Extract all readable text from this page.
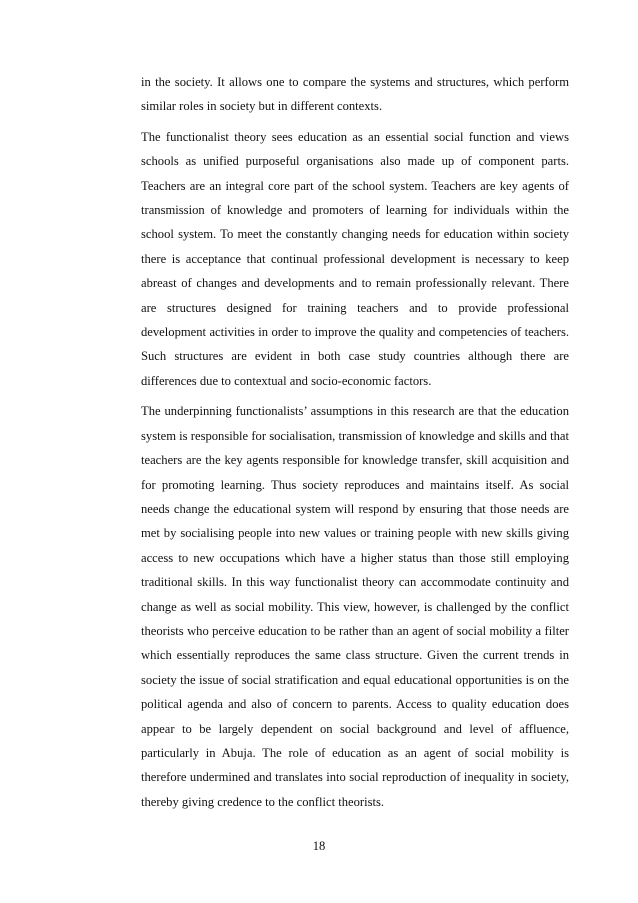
in the society. It allows one to compare the systems and structures, which perform similar roles in society but in different contexts.

The functionalist theory sees education as an essential social function and views schools as unified purposeful organisations also made up of component parts. Teachers are an integral core part of the school system. Teachers are key agents of transmission of knowledge and promoters of learning for individuals within the school system. To meet the constantly changing needs for education within society there is acceptance that continual professional development is necessary to keep abreast of changes and developments and to remain professionally relevant. There are structures designed for training teachers and to provide professional development activities in order to improve the quality and competencies of teachers. Such structures are evident in both case study countries although there are differences due to contextual and socio-economic factors.

The underpinning functionalists’ assumptions in this research are that the education system is responsible for socialisation, transmission of knowledge and skills and that teachers are the key agents responsible for knowledge transfer, skill acquisition and for promoting learning. Thus society reproduces and maintains itself. As social needs change the educational system will respond by ensuring that those needs are met by socialising people into new values or training people with new skills giving access to new occupations which have a higher status than those still employing traditional skills. In this way functionalist theory can accommodate continuity and change as well as social mobility. This view, however, is challenged by the conflict theorists who perceive education to be rather than an agent of social mobility a filter which essentially reproduces the same class structure. Given the current trends in society the issue of social stratification and equal educational opportunities is on the political agenda and also of concern to parents. Access to quality education does appear to be largely dependent on social background and level of affluence, particularly in Abuja. The role of education as an agent of social mobility is therefore undermined and translates into social reproduction of inequality in society, thereby giving credence to the conflict theorists.

18
